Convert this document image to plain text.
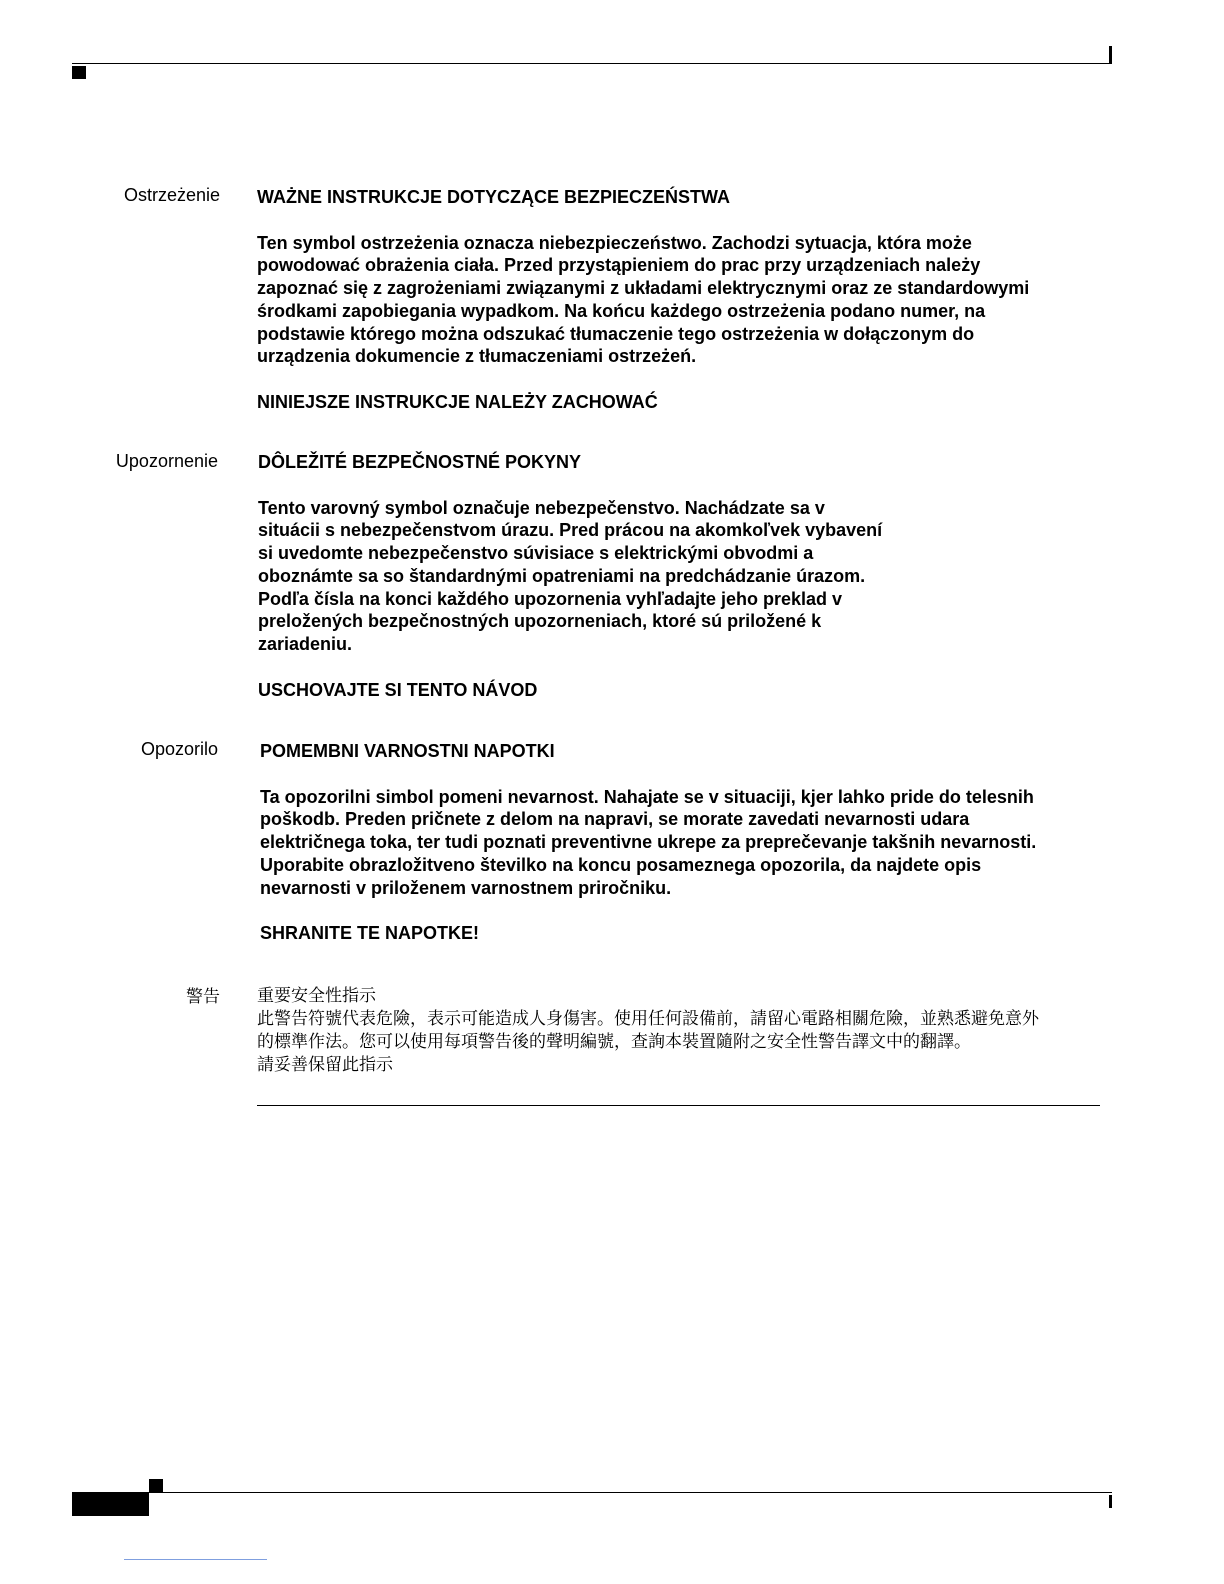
Ostrzeżenie WAŻNE INSTRUKCJE DOTYCZĄCE BEZPIECZEŃSTWA

Ten symbol ostrzeżenia oznacza niebezpieczeństwo. Zachodzi sytuacja, która może
powodować obrażenia ciała. Przed przystąpieniem do prac przy urządzeniach należy
zapoznać się z zagrożeniami związanymi z układami elektrycznymi oraz ze standardowymi
środkami zapobiegania wypadkom. Na końcu każdego ostrzeżenia podano numer, na
podstawie którego można odszukać tłumaczenie tego ostrzeżenia w dołączonym do
urządzenia dokumencie z tłumaczeniami ostrzeżeń.

NINIEJSZE INSTRUKCJE NALEŻY ZACHOWAĆ

Upozornenie DÔLEŽITÉ BEZPEČNOSTNÉ POKYNY

Tento varovný symbol označuje nebezpečenstvo. Nachádzate sa v
situácii s nebezpečenstvom úrazu. Pred prácou na akomkoľvek vybavení
si uvedomte nebezpečenstvo súvisiace s elektrickými obvodmi a
oboznámte sa so štandardnými opatreniami na predchádzanie úrazom.
Podľa čísla na konci každého upozornenia vyhľadajte jeho preklad v
preložených bezpečnostných upozorneniach, ktoré sú priložené k
zariadeniu.

USCHOVAJTE SI TENTO NÁVOD

Opozorilo POMEMBNI VARNOSTNI NAPOTKI

Ta opozorilni simbol pomeni nevarnost. Nahajate se v situaciji, kjer lahko pride do telesnih
poškodb. Preden pričnete z delom na napravi, se morate zavedati nevarnosti udara
električnega toka, ter tudi poznati preventivne ukrepe za preprečevanje takšnih nevarnosti.
Uporabite obrazložitveno številko na koncu posameznega opozorila, da najdete opis
nevarnosti v priloženem varnostnem priročniku.

SHRANITE TE NAPOTKE!

警告 重要安全性指示
此警告符號代表危險，表示可能造成人身傷害。使用任何設備前，請留心電路相關危險，並熟悉避免意外
的標準作法。您可以使用每項警告後的聲明編號，查詢本裝置隨附之安全性警告譯文中的翻譯。
請妥善保留此指示
